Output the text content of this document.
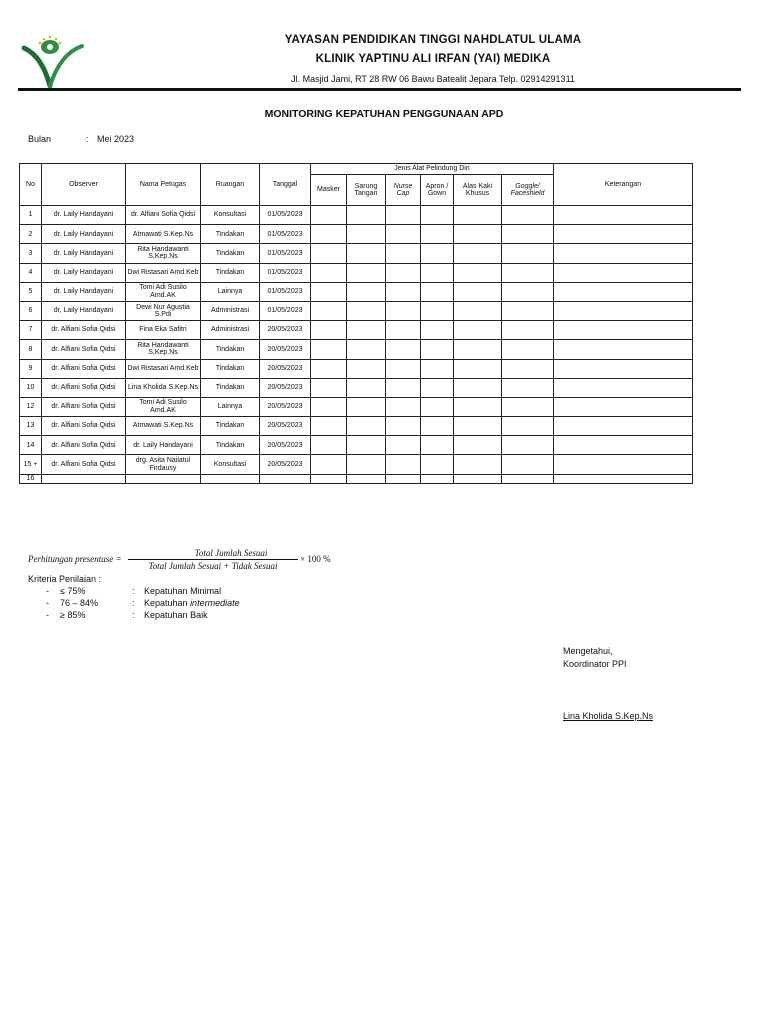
YAYASAN PENDIDIKAN TINGGI NAHDLATUL ULAMA
KLINIK YAPTINU ALI IRFAN (YAI) MEDIKA
Jl. Masjid Jami, RT 28 RW 06 Bawu Batealit Jepara Telp. 02914291311
MONITORING KEPATUHAN PENGGUNAAN APD
Bulan	: Mei 2023
No	Observer	Nama Petugas	Ruangan	Tanggal	Jenis Alat Pelindung Diri						Keterangan
					Masker	Sarung Tangan	Nurse Cap	Apron / Gown	Alas Kaki Khusus	Goggle/ Faceshield	
1	dr. Laily Handayani	dr. Alfiani Sofia Qidsi	Konsultasi	01/05/2023							
2	dr. Laily Handayani	Atmawati S.Kep.Ns	Tindakan	01/05/2023							
3	dr. Laily Handayani	Rita Handawanti S,Kep.Ns	Tindakan	01/05/2023							
4	dr. Laily Handayani	Dwi Ristasari Amd.Keb	Tindakan	01/05/2023							
5	dr. Laily Handayani	Tomi Adi Susilo Amd.AK	Lainnya	01/05/2023							
6	dr, Laily Handayani	Dewi Nur Agustia S.Pdi	Administrasi	01/05/2023							
7	dr. Alfiani Sofia Qidsi	Fina Eka Safitri	Administrasi	20/05/2023							
8	dr. Alfiani Sofia Qidsi	Rita Handawanti S,Kep.Ns	Tindakan	20/05/2023							
9	dr. Alfiani Sofia Qidsi	Dwi Ristasari Amd.Keb	Tindakan	20/05/2023							
10	dr. Alfiani Sofia Qidsi	Lina Kholida S.Kep.Ns	Tindakan	20/05/2023							
12	dr. Alfiani Sofia Qidsi	Tomi Adi Susilo Amd.AK	Lainnya	20/05/2023							
13	dr. Alfiani Sofia Qidsi	Atmawati S.Kep.Ns	Tindakan	20/05/2023							
14	dr. Alfiani Sofia Qidsi	dr. Laily Handayani	Tindakan	20/05/2023							
15 +	dr. Alfiani Sofia Qidsi	drg. Asita Nailatul Firdausy	Konsultasi	20/05/2023							
16											
Perhitungan presentase =
Total Jumlah Sesuai
Total Jumlah Sesuai + Tidak Sesuai
× 100 %
Kriteria Penilaian :
- ≤ 75%	: Kepatuhan Minimal
- 76 – 84%	: Kepatuhan intermediate
- ≥ 85%	: Kepatuhan Baik
Mengetahui,
Koordinator PPI
Lina Kholida S.Kep.Ns
